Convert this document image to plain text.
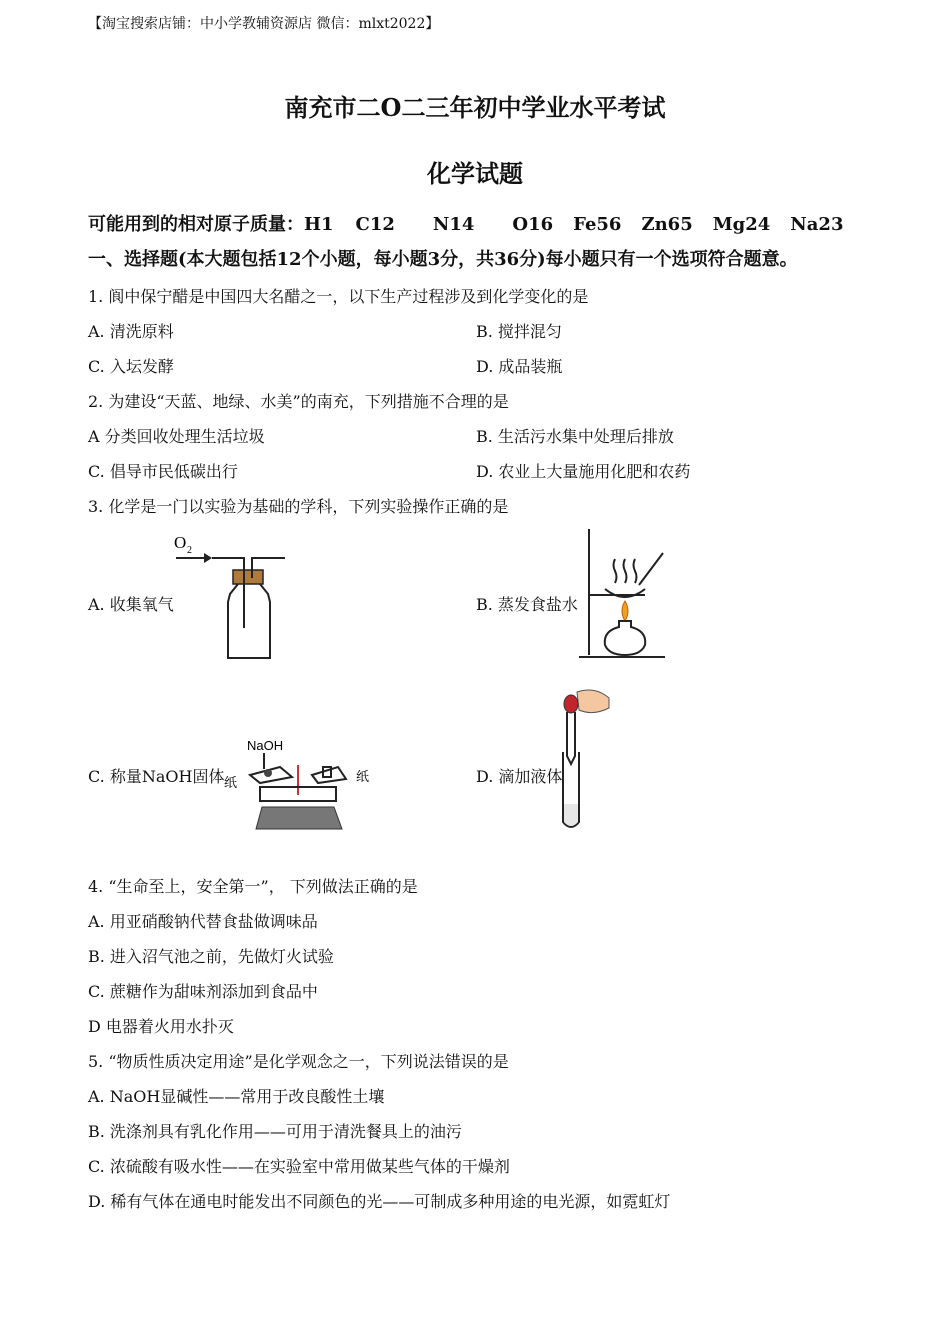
【淘宝搜索店铺：中小学教辅资源店 微信：mlxt2022】
南充市二O二三年初中学业水平考试
化学试题
可能用到的相对原子质量：H1 C12 N14 O16 Fe56 Zn65 Mg24 Na23
一、选择题(本大题包括12个小题，每小题3分，共36分)每小题只有一个选项符合题意。
1. 阆中保宁醋是中国四大名醋之一，以下生产过程涉及到化学变化的是
A. 清洗原料	B. 搅拌混匀
C. 入坛发酵	D. 成品装瓶
2. 为建设“天蓝、地绿、水美”的南充，下列措施不合理的是
A 分类回收处理生活垃圾	B. 生活污水集中处理后排放
C. 倡导市民低碳出行	D. 农业上大量施用化肥和农药
3. 化学是一门以实验为基础的学科，下列实验操作正确的是
A. 收集氧气	B. 蒸发食盐水
C. 称量NaOH固体	D. 滴加液体
O 2
NaOH
纸	纸
4. “生命至上，安全第一”， 下列做法正确的是
A. 用亚硝酸钠代替食盐做调味品
B. 进入沼气池之前，先做灯火试验
C. 蔗糖作为甜味剂添加到食品中
D 电器着火用水扑灭
5. “物质性质决定用途”是化学观念之一，下列说法错误的是
A. NaOH显碱性——常用于改良酸性土壤
B. 洗涤剂具有乳化作用——可用于清洗餐具上的油污
C. 浓硫酸有吸水性——在实验室中常用做某些气体的干燥剂
D. 稀有气体在通电时能发出不同颜色的光——可制成多种用途的电光源，如霓虹灯
